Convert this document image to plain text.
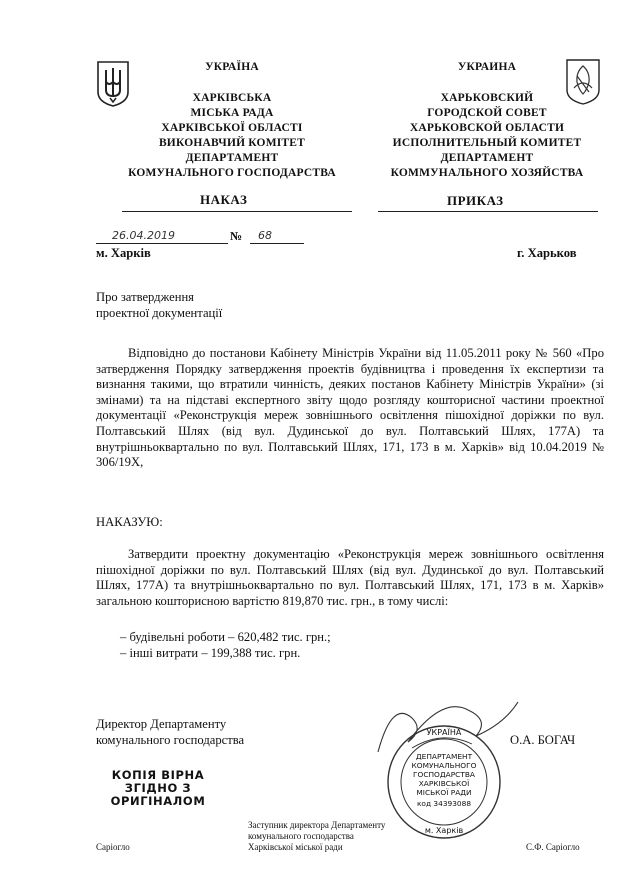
УКРАЇНА
ХАРКІВСЬКА
МІСЬКА РАДА
ХАРКІВСЬКОЇ ОБЛАСТІ
ВИКОНАВЧИЙ КОМІТЕТ
ДЕПАРТАМЕНТ
КОМУНАЛЬНОГО ГОСПОДАРСТВА
УКРАИНА
ХАРЬКОВСКИЙ
ГОРОДСКОЙ СОВЕТ
ХАРЬКОВСКОЙ ОБЛАСТИ
ИСПОЛНИТЕЛЬНЫЙ КОМИТЕТ
ДЕПАРТАМЕНТ
КОММУНАЛЬНОГО ХОЗЯЙСТВА
НАКАЗ	ПРИКАЗ
26.04.2019	№ 68
м. Харків	г. Харьков
Про затвердження
проектної документації
Відповідно до постанови Кабінету Міністрів України від 11.05.2011 року № 560 «Про затвердження Порядку затвердження проектів будівництва і проведення їх експертизи та визнання такими, що втратили чинність, деяких постанов Кабінету Міністрів України» (зі змінами) та на підставі експертного звіту щодо розгляду кошторисної частини проектної документації «Реконструкція мереж зовнішнього освітлення пішохідної доріжки по вул. Полтавський Шлях (від вул. Дудинської до вул. Полтавський Шлях, 177А) та внутрішньоквартально по вул. Полтавський Шлях, 171, 173 в м. Харків» від 10.04.2019 № 306/19Х,
НАКАЗУЮ:
Затвердити проектну документацію «Реконструкція мереж зовнішнього освітлення пішохідної доріжки по вул. Полтавський Шлях (від вул. Дудинської до вул. Полтавський Шлях, 177А) та внутрішньоквартально по вул. Полтавський Шлях, 171, 173 в м. Харків» загальною кошторисною вартістю 819,870 тис. грн., в тому числі:
– будівельні роботи – 620,482 тис. грн.;
– інші витрати – 199,388 тис. грн.
Директор Департаменту
комунального господарства	О.А. БОГАЧ
КОПІЯ ВІРНА
ЗГІДНО З
ОРИГІНАЛОМ
УКРАЇНА
м. Харків
ДЕПАРТАМЕНТ
КОМУНАЛЬНОГО
ГОСПОДАРСТВА
ХАРКІВСЬКОЇ
МІСЬКОЇ РАДИ
код 34393088
Заступник директора Департаменту
комунального господарства
Харківської міської ради
Саріогло	С.Ф. Саріогло
